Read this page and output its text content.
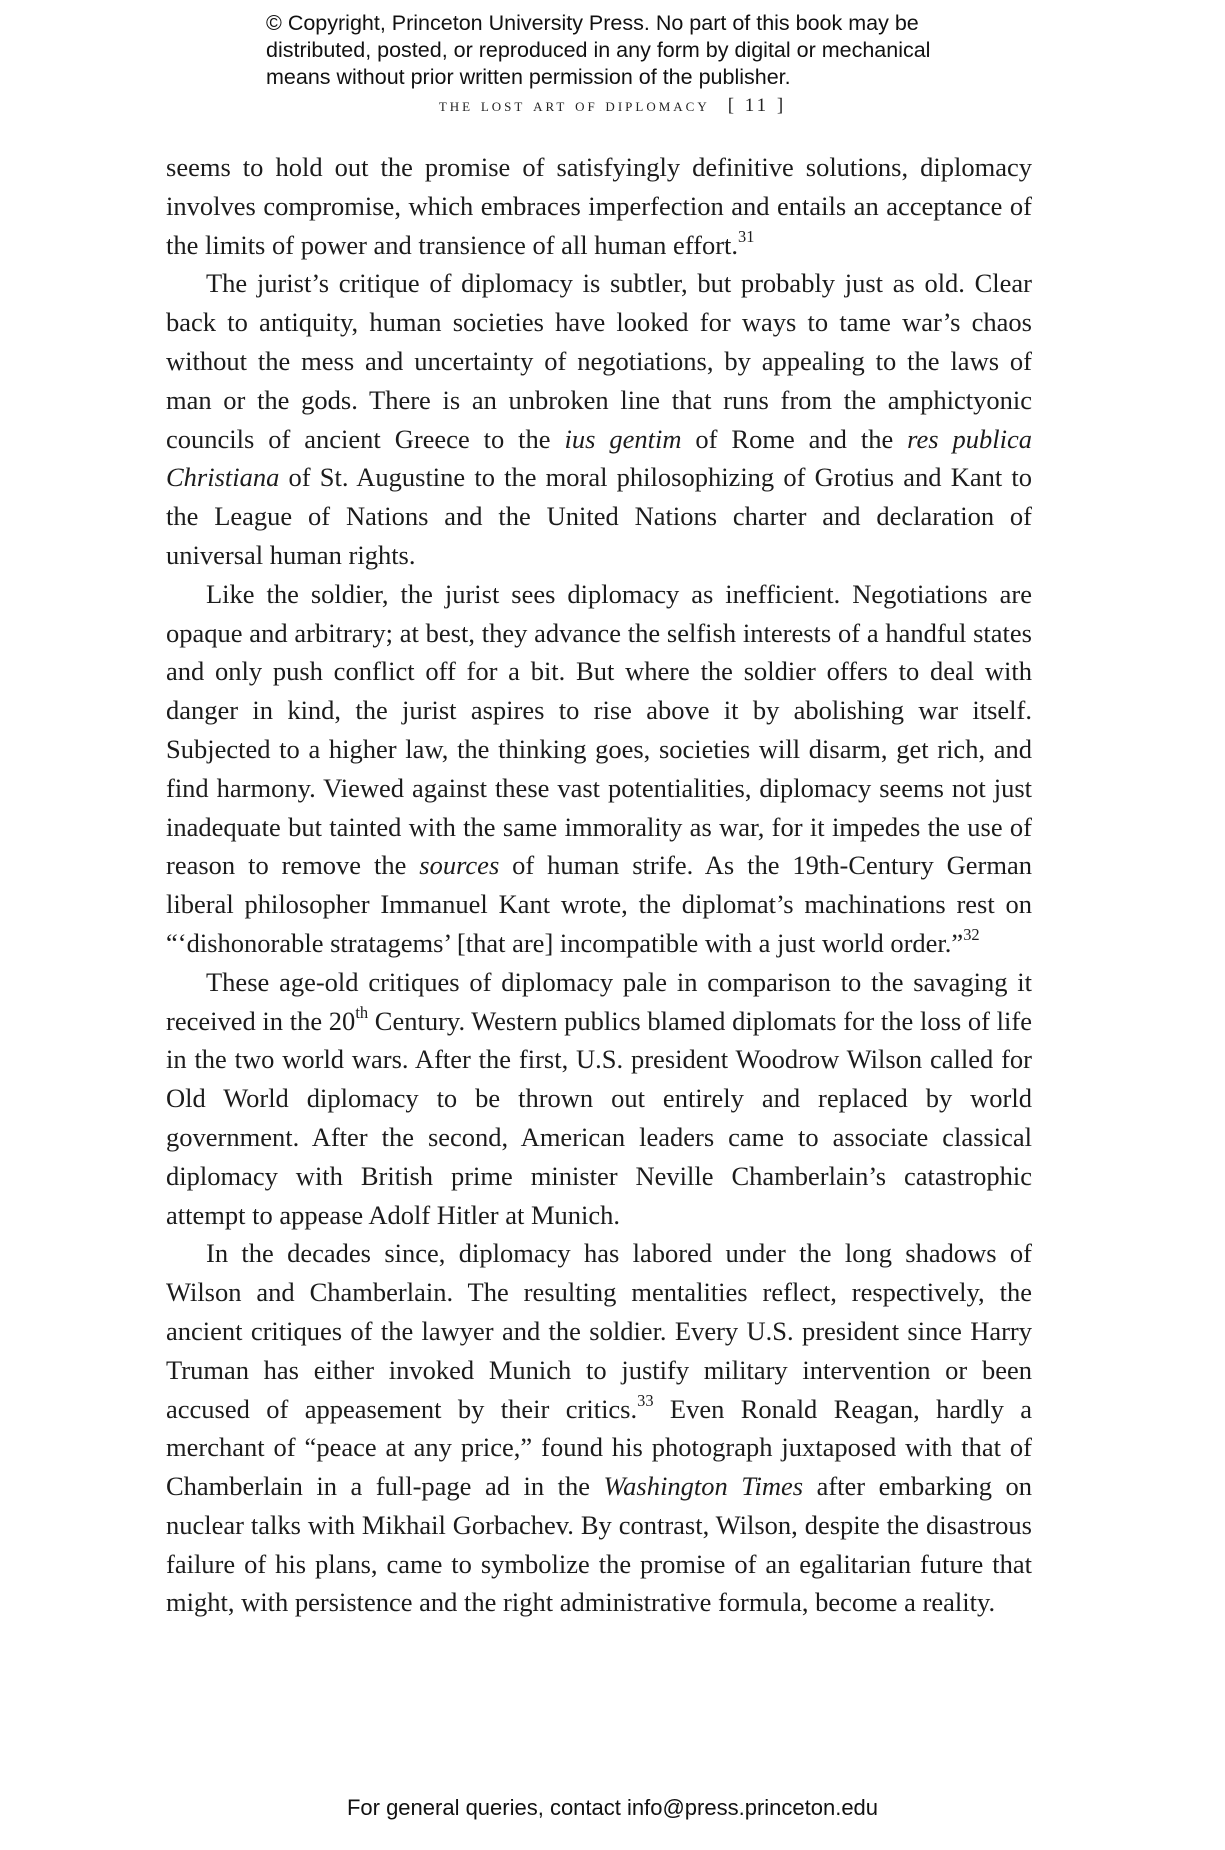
© Copyright, Princeton University Press. No part of this book may be
distributed, posted, or reproduced in any form by digital or mechanical
means without prior written permission of the publisher.
the lost art of diplomacy [ 11 ]

seems to hold out the promise of satisfyingly definitive solutions, diplomacy involves compromise, which embraces imperfection and entails an acceptance of the limits of power and transience of all human effort.$^{31}$

The jurist’s critique of diplomacy is subtler, but probably just as old. Clear back to antiquity, human societies have looked for ways to tame war’s chaos without the mess and uncertainty of negotiations, by appealing to the laws of man or the gods. There is an unbroken line that runs from the amphictyonic councils of ancient Greece to the ius gentim of Rome and the res publica Christiana of St. Augustine to the moral philosophizing of Grotius and Kant to the League of Nations and the United Nations charter and declaration of universal human rights.

Like the soldier, the jurist sees diplomacy as inefficient. Negotiations are opaque and arbitrary; at best, they advance the selfish interests of a handful states and only push conflict off for a bit. But where the soldier offers to deal with danger in kind, the jurist aspires to rise above it by abolishing war itself. Subjected to a higher law, the thinking goes, societies will disarm, get rich, and find harmony. Viewed against these vast potentialities, diplomacy seems not just inadequate but tainted with the same immorality as war, for it impedes the use of reason to remove the sources of human strife. As the 19th-Century German liberal philosopher Immanuel Kant wrote, the diplomat’s machinations rest on “‘dishonorable stratagems’ [that are] incompatible with a just world order.”$^{32}$

These age-old critiques of diplomacy pale in comparison to the savaging it received in the 20th Century. Western publics blamed diplomats for the loss of life in the two world wars. After the first, U.S. president Woodrow Wilson called for Old World diplomacy to be thrown out entirely and replaced by world government. After the second, American leaders came to associate classical diplomacy with British prime minister Neville Chamberlain’s catastrophic attempt to appease Adolf Hitler at Munich.

In the decades since, diplomacy has labored under the long shadows of Wilson and Chamberlain. The resulting mentalities reflect, respectively, the ancient critiques of the lawyer and the soldier. Every U.S. president since Harry Truman has either invoked Munich to justify military intervention or been accused of appeasement by their critics.$^{33}$ Even Ronald Reagan, hardly a merchant of “peace at any price,” found his photograph juxtaposed with that of Chamberlain in a full-page ad in the Washington Times after embarking on nuclear talks with Mikhail Gorbachev. By contrast, Wilson, despite the disastrous failure of his plans, came to symbolize the promise of an egalitarian future that might, with persistence and the right administrative formula, become a reality.

For general queries, contact info@press.princeton.edu
